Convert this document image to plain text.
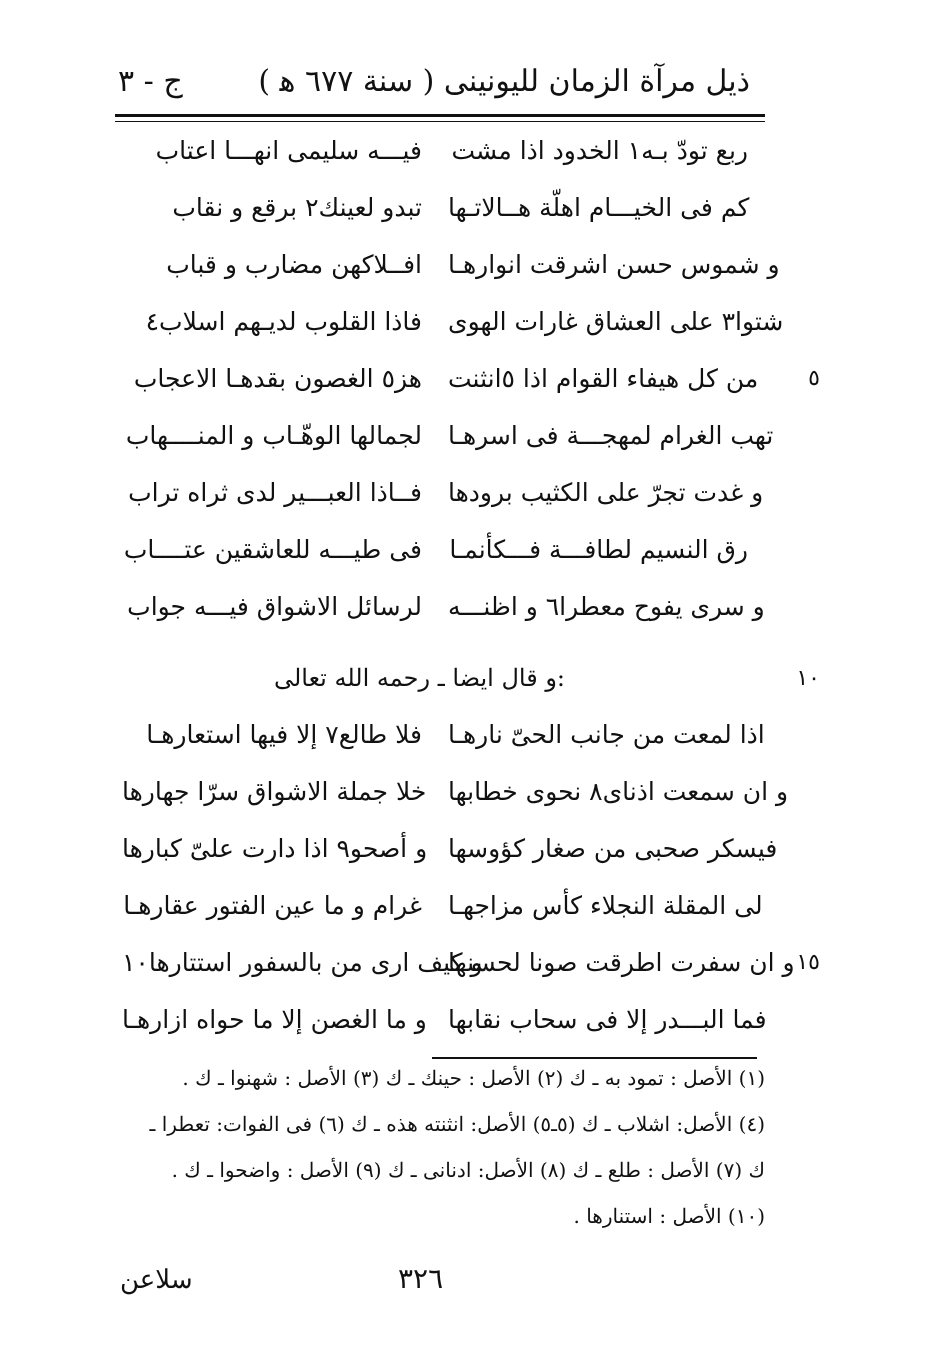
ذيل مرآة الزمان لليونينى ( سنة ٦٧٧ ﻫ )
ج - ٣
ربع تودّ بـه١ الخدود اذا مشت
فيـــه سليمى انهـــا اعتاب
كم فى الخيـــام اهلّة هــالاتـها
تبدو لعينك٢ برقع و نقاب
و شموس حسن اشرقت انوارهـا
افــلاكهن مضارب و قباب
شتوا٣ على العشاق غارات الهوى
فاذا القلوب لديـهم اسلاب٤
من كل هيفاء القوام اذا ٥انثنت
هز٥ الغصون بقدهـا الاعجاب	٥
تهب الغرام لمهجـــة فى اسرهـا
لجمالها الوهّـاب و المنــــهاب
و غدت تجرّ على الكثيب برودها
فــاذا العبـــير لدى ثراه تراب
رق النسيم لطافـــة فـــكأنمـا
فى طيـــه للعاشقين عتــــاب
و سرى يفوح معطرا٦ و اظنـــه
لرسائل الاشواق فيـــه جواب
و قال ايضا ـ رحمه الله تعالى:	١٠
اذا لمعت من جانب الحىّ نارهـا
فلا طالع٧ إلا فيها استعارهـا
و ان سمعت اذناى٨ نحوى خطابها
خلا جملة الاشواق سرّا جهارها
فيسكر صحبى من صغار كؤوسها
و أصحو٩ اذا دارت علىّ كبارها
لى المقلة النجلاء كأس مزاجهـا
غرام و ما عين الفتور عقارهـا
و ان سفرت اطرقت صونا لحسنها
و كيف ارى من بالسفور استتارها١٠	١٥
فما البـــدر إلا فى سحاب نقابها
و ما الغصن إلا ما حواه ازارهـا
(١) الأصل : تمود به ـ ك (٢) الأصل : حينك ـ ك (٣) الأصل : شهنوا ـ ك .
(٤) الأصل: اشلاب ـ ك (٥ـ٥) الأصل: انثنته هذه ـ ك (٦) فى الفوات: تعطرا ـ
ك (٧) الأصل : طلع ـ ك (٨) الأصل: ادنانى ـ ك (٩) الأصل : واضحوا ـ ك .
(١٠) الأصل : استنارها .
٣٢٦
سلاعن
